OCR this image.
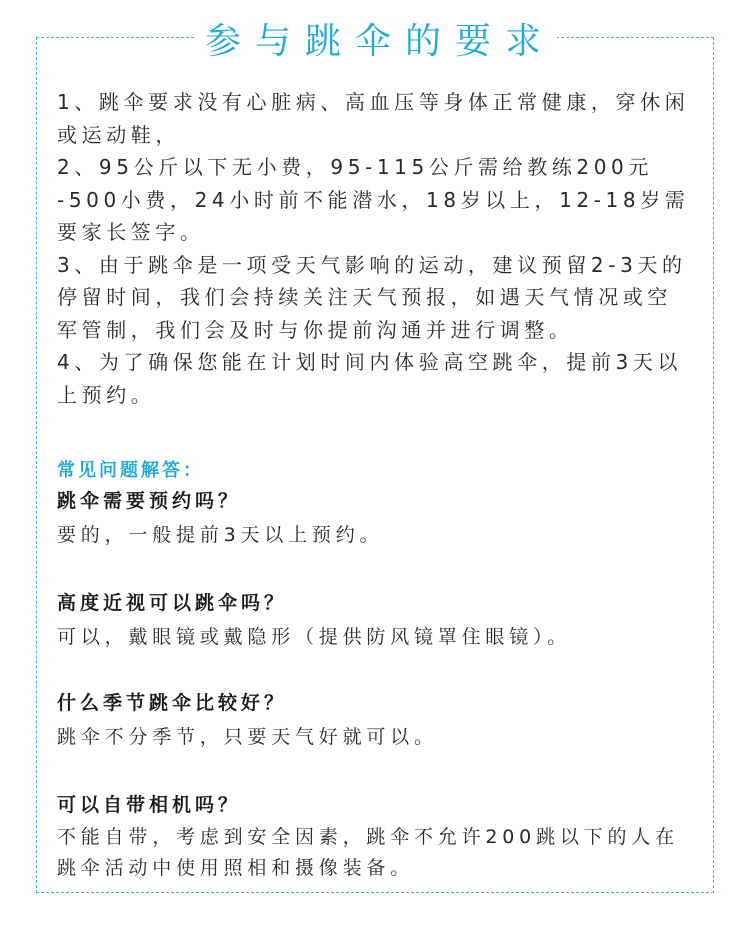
参与跳伞的要求
1、跳伞要求没有心脏病、高血压等身体正常健康，穿休闲
或运动鞋，
2、95公斤以下无小费，95-115公斤需给教练200元
-500小费，24小时前不能潜水，18岁以上，12-18岁需
要家长签字。
3、由于跳伞是一项受天气影响的运动，建议预留2-3天的
停留时间，我们会持续关注天气预报，如遇天气情况或空
军管制，我们会及时与你提前沟通并进行调整。
4、为了确保您能在计划时间内体验高空跳伞，提前3天以
上预约。
常见问题解答：
跳伞需要预约吗？
要的，一般提前3天以上预约。
高度近视可以跳伞吗？
可以，戴眼镜或戴隐形（提供防风镜罩住眼镜）。
什么季节跳伞比较好？
跳伞不分季节，只要天气好就可以。
可以自带相机吗？
不能自带，考虑到安全因素，跳伞不允许200跳以下的人在
跳伞活动中使用照相和摄像装备。
